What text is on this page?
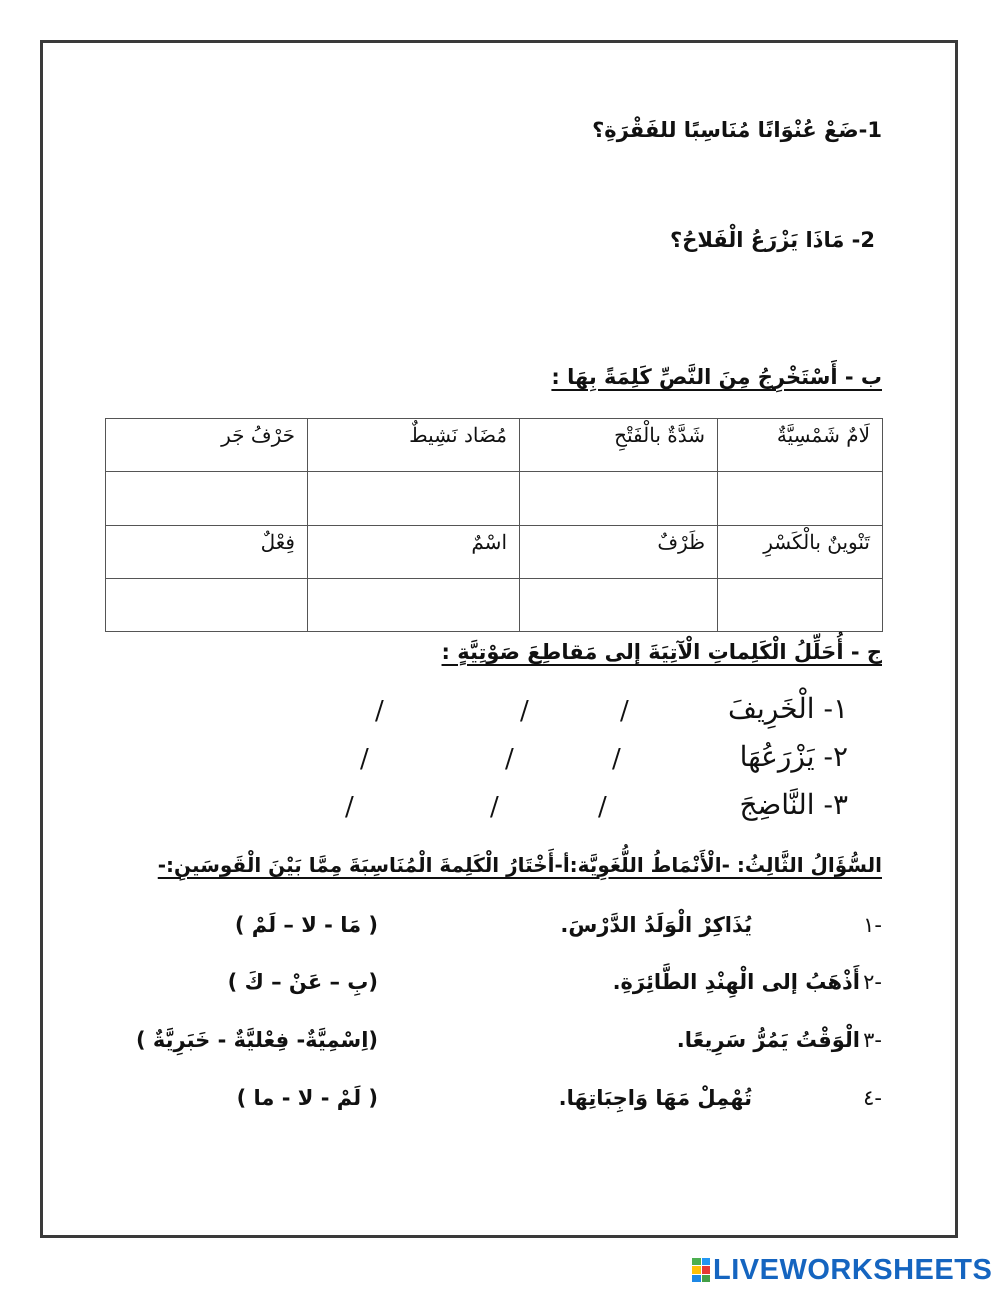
1-ضَعْ عُنْوَانًا مُنَاسِبًا للفَقْرَةِ؟
2- مَاذَا يَزْرَعُ الْفَلاحُ؟
ب - أَسْتَخْرِجُ مِنَ النَّصِّ كَلِمَةً بِهَا :
لَامٌ شَمْسِيَّةٌ	شَدَّةٌ بالْفَتْحِ	مُضَاد نَشِيطٌ	حَرْفُ جَر

تَنْوينٌ بالْكَسْرِ	ظَرْفٌ	اسْمٌ	فِعْلٌ

ج - أُحَلِّلُ الْكَلِماتِ الْآتِيَةَ إلى مَقاطِعَ صَوْتِيَّةٍ :
١- الْخَرِيفَ
/
/
/
٢- يَزْرَعُهَا
/
/
/
٣- النَّاضِجَ
/
/
/
السُّؤَالُ الثَّالِثُ: -الْأَنْمَاطُ اللُّغَوِيَّة:أ-أَخْتَارُ الْكَلِمةَ الْمُنَاسِبَةَ مِمَّا بَيْنَ الْقَوسَينِ:-
١-
يُذَاكِرْ الْوَلَدُ الدَّرْسَ.
( مَا - لا – لَمْ )
٢-
أَذْهَبُ إلى الْهِنْدِ الطَّائِرَةِ.
(بِ – عَنْ – كَ )
٣-
الْوَقْتُ يَمُرُّ سَرِيعًا.
(اِسْمِيَّةٌ- فِعْليَّةٌ - خَبَرِيَّةٌ )
٤-
تُهْمِلْ مَهَا وَاجِبَاتِهَا.
( لَمْ - لا - ما )
LIVEWORKSHEETS
